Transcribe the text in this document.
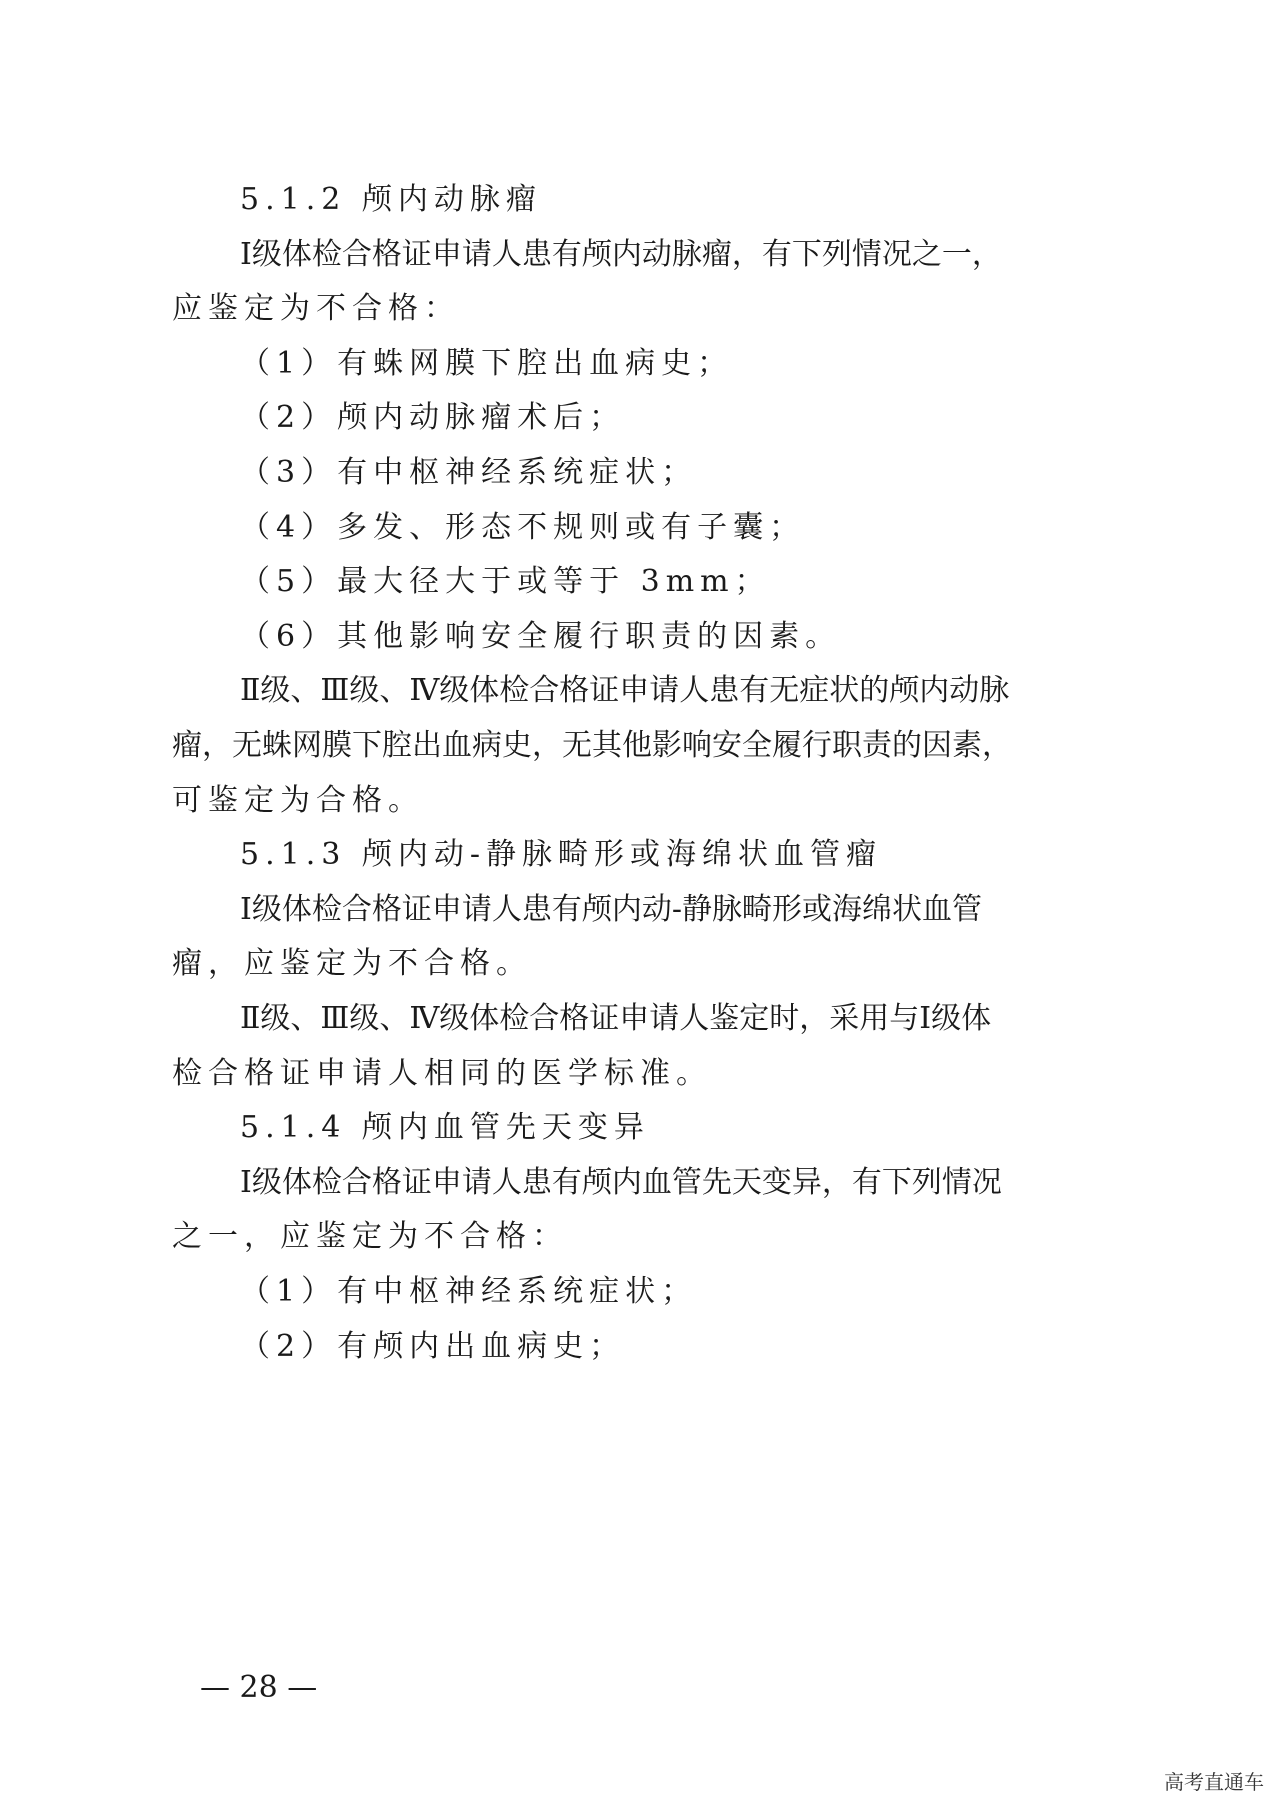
5.1.2 颅内动脉瘤
Ⅰ级体检合格证申请人患有颅内动脉瘤，有下列情况之一，
应鉴定为不合格：
（1）有蛛网膜下腔出血病史；
（2）颅内动脉瘤术后；
（3）有中枢神经系统症状；
（4）多发、形态不规则或有子囊；
（5）最大径大于或等于 3mm；
（6）其他影响安全履行职责的因素。
Ⅱ级、Ⅲ级、Ⅳ级体检合格证申请人患有无症状的颅内动脉
瘤，无蛛网膜下腔出血病史，无其他影响安全履行职责的因素，
可鉴定为合格。
5.1.3 颅内动-静脉畸形或海绵状血管瘤
Ⅰ级体检合格证申请人患有颅内动-静脉畸形或海绵状血管
瘤，应鉴定为不合格。
Ⅱ级、Ⅲ级、Ⅳ级体检合格证申请人鉴定时，采用与Ⅰ级体
检合格证申请人相同的医学标准。
5.1.4 颅内血管先天变异
Ⅰ级体检合格证申请人患有颅内血管先天变异，有下列情况
之一，应鉴定为不合格：
（1）有中枢神经系统症状；
（2）有颅内出血病史；
— 28 —
高考直通车
